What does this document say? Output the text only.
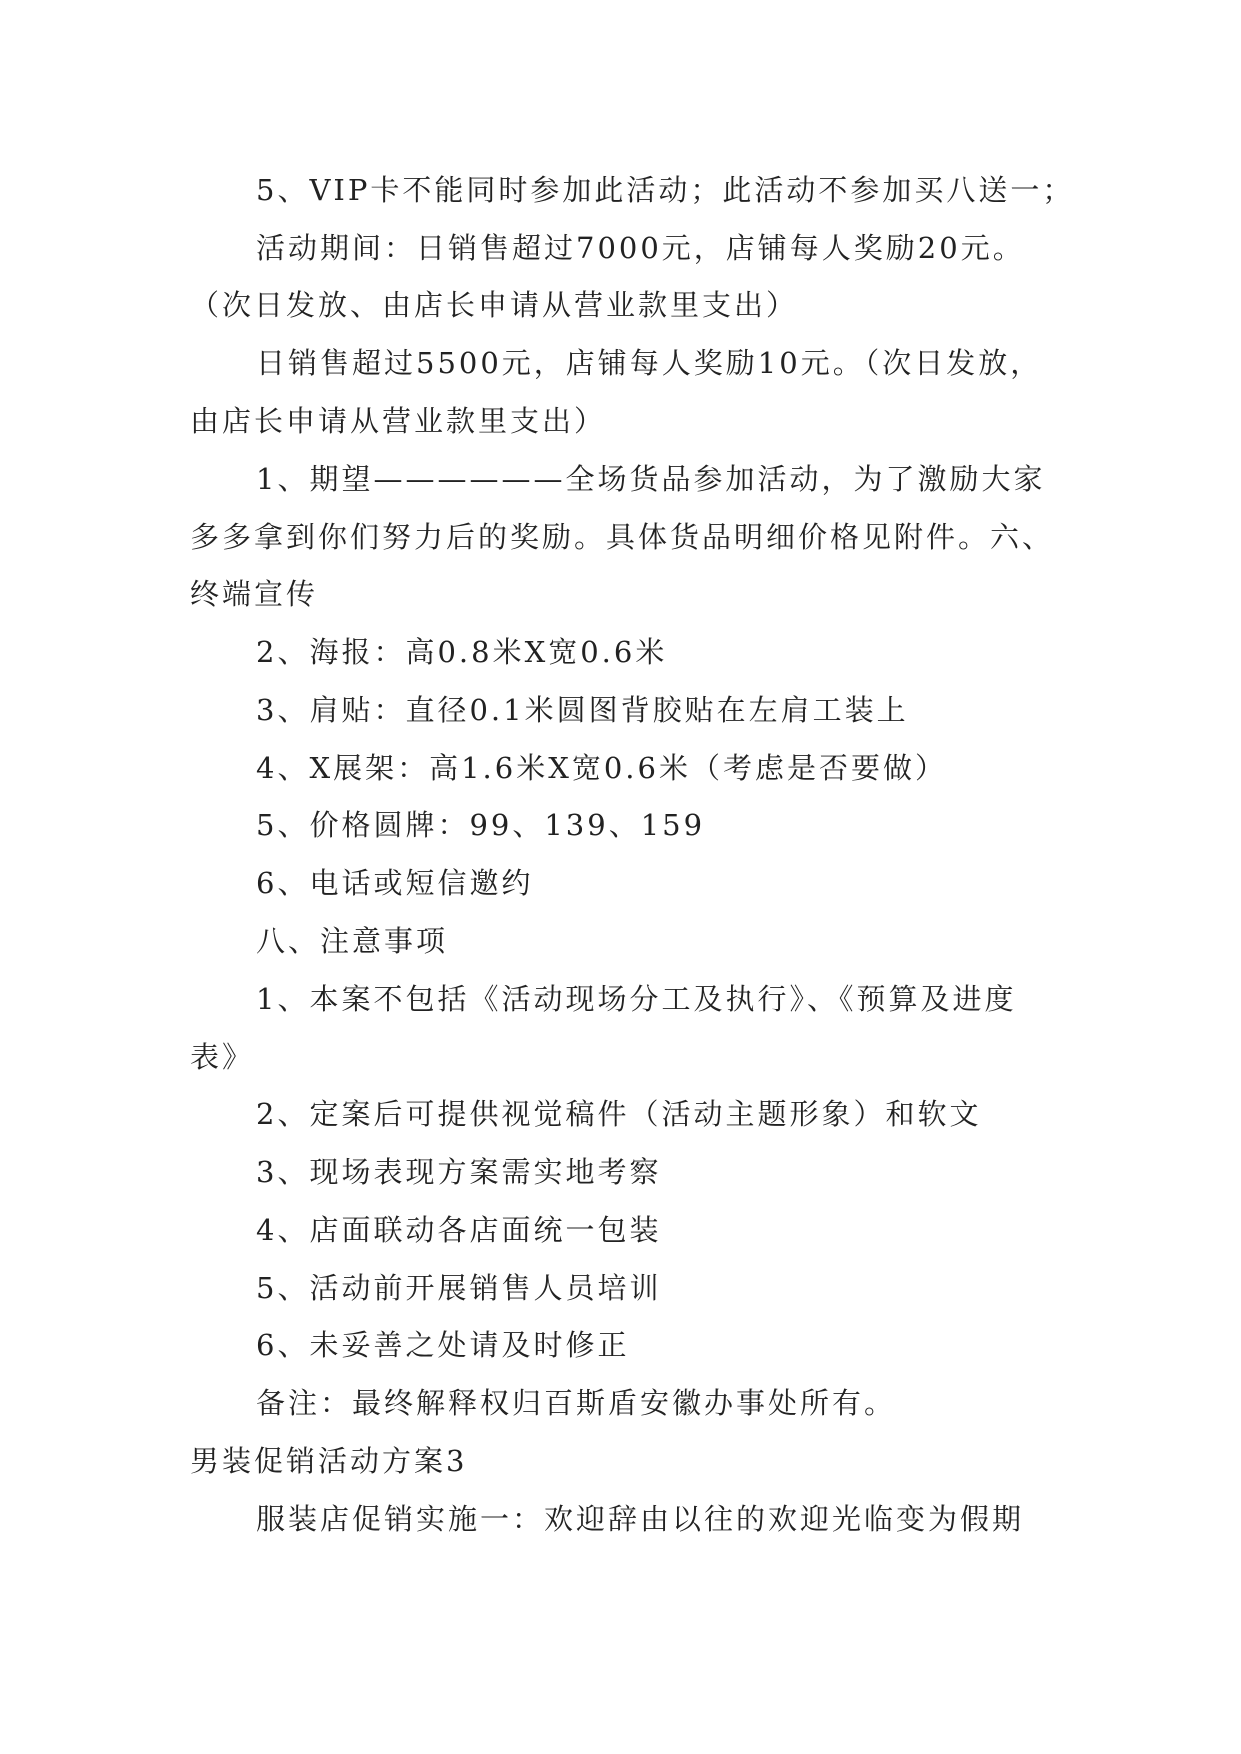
5、VIP卡不能同时参加此活动；此活动不参加买八送一；
活动期间：日销售超过7000元，店铺每人奖励20元。
（次日发放、由店长申请从营业款里支出）
日销售超过5500元，店铺每人奖励10元。（次日发放，
由店长申请从营业款里支出）
1、期望——————全场货品参加活动，为了激励大家
多多拿到你们努力后的奖励。具体货品明细价格见附件。六、
终端宣传
2、海报：高0.8米X宽0.6米
3、肩贴：直径0.1米圆图背胶贴在左肩工装上
4、X展架：高1.6米X宽0.6米（考虑是否要做）
5、价格圆牌：99、139、159
6、电话或短信邀约
八、注意事项
1、本案不包括《活动现场分工及执行》、《预算及进度
表》
2、定案后可提供视觉稿件（活动主题形象）和软文
3、现场表现方案需实地考察
4、店面联动各店面统一包装
5、活动前开展销售人员培训
6、未妥善之处请及时修正
备注：最终解释权归百斯盾安徽办事处所有。
男装促销活动方案3
服装店促销实施一：欢迎辞由以往的欢迎光临变为假期
